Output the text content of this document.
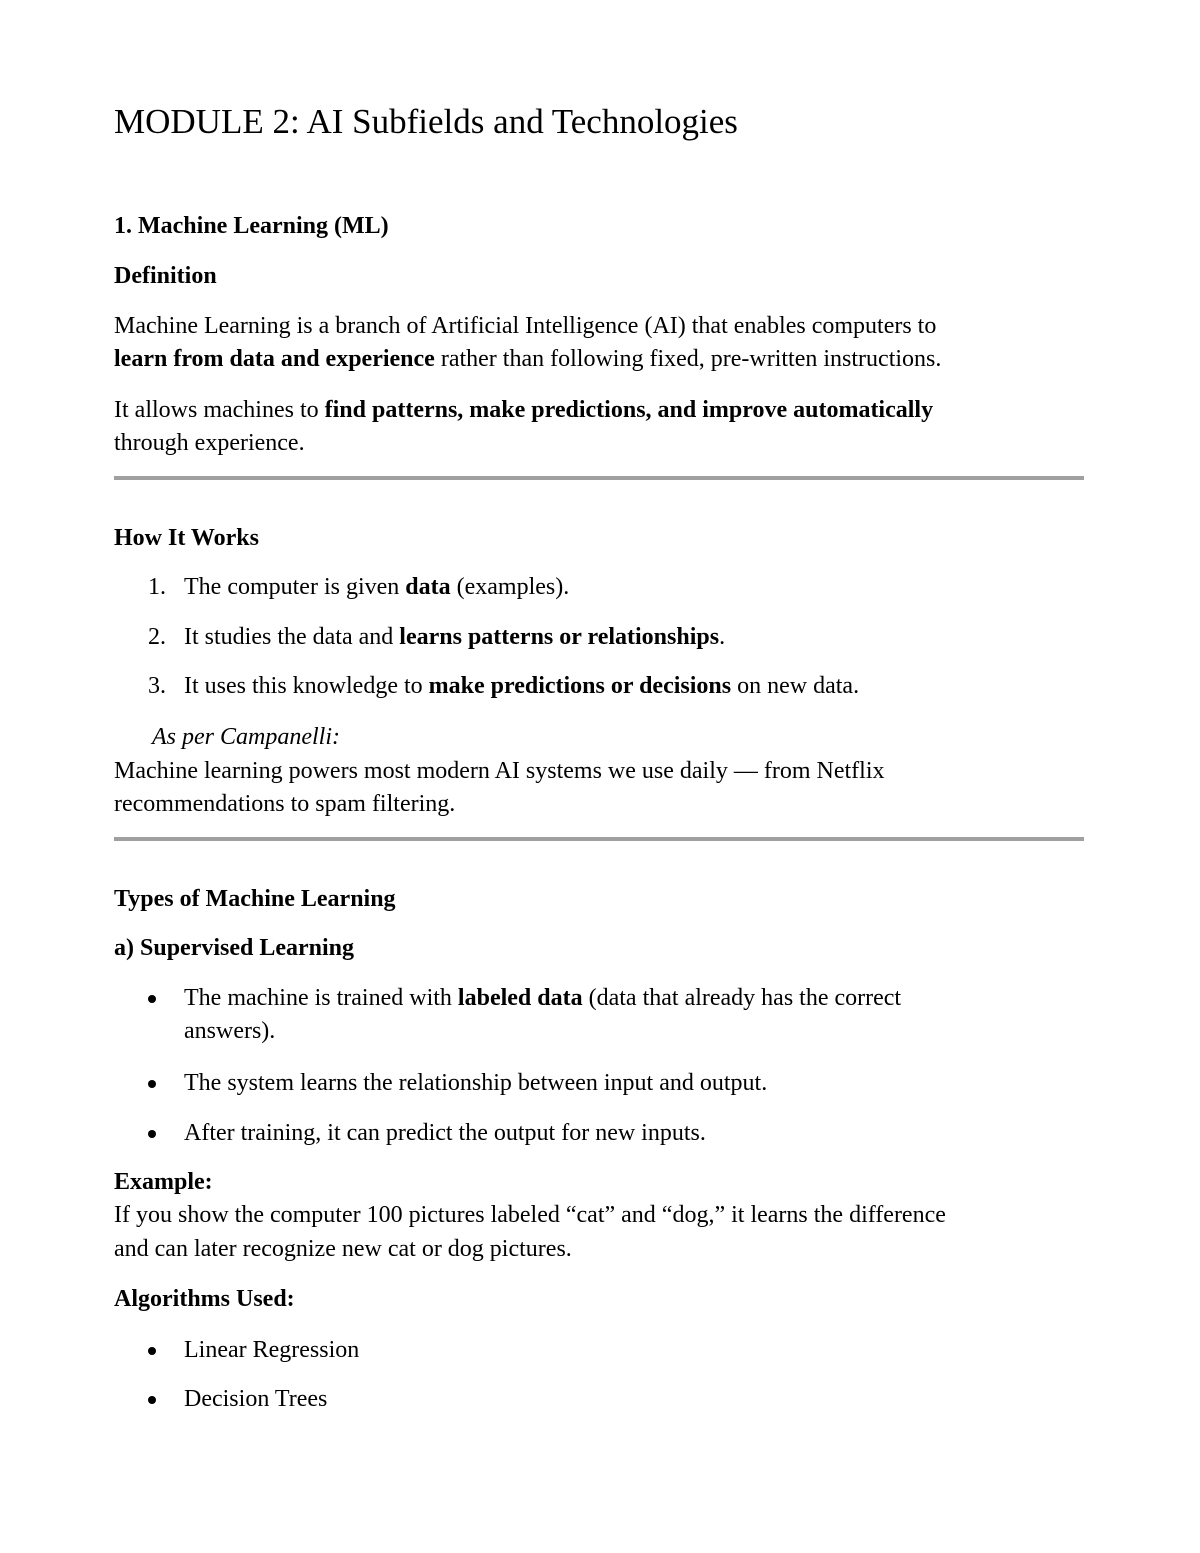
MODULE 2: AI Subfields and Technologies
1. Machine Learning (ML)
Definition
Machine Learning is a branch of Artificial Intelligence (AI) that enables computers to
learn from data and experience rather than following fixed, pre-written instructions.
It allows machines to find patterns, make predictions, and improve automatically
through experience.
How It Works
1. The computer is given data (examples).
2. It studies the data and learns patterns or relationships.
3. It uses this knowledge to make predictions or decisions on new data.
As per Campanelli:
Machine learning powers most modern AI systems we use daily — from Netflix
recommendations to spam filtering.
Types of Machine Learning
a) Supervised Learning
The machine is trained with labeled data (data that already has the correct
answers).
The system learns the relationship between input and output.
After training, it can predict the output for new inputs.
Example:
If you show the computer 100 pictures labeled “cat” and “dog,” it learns the difference
and can later recognize new cat or dog pictures.
Algorithms Used:
Linear Regression
Decision Trees
